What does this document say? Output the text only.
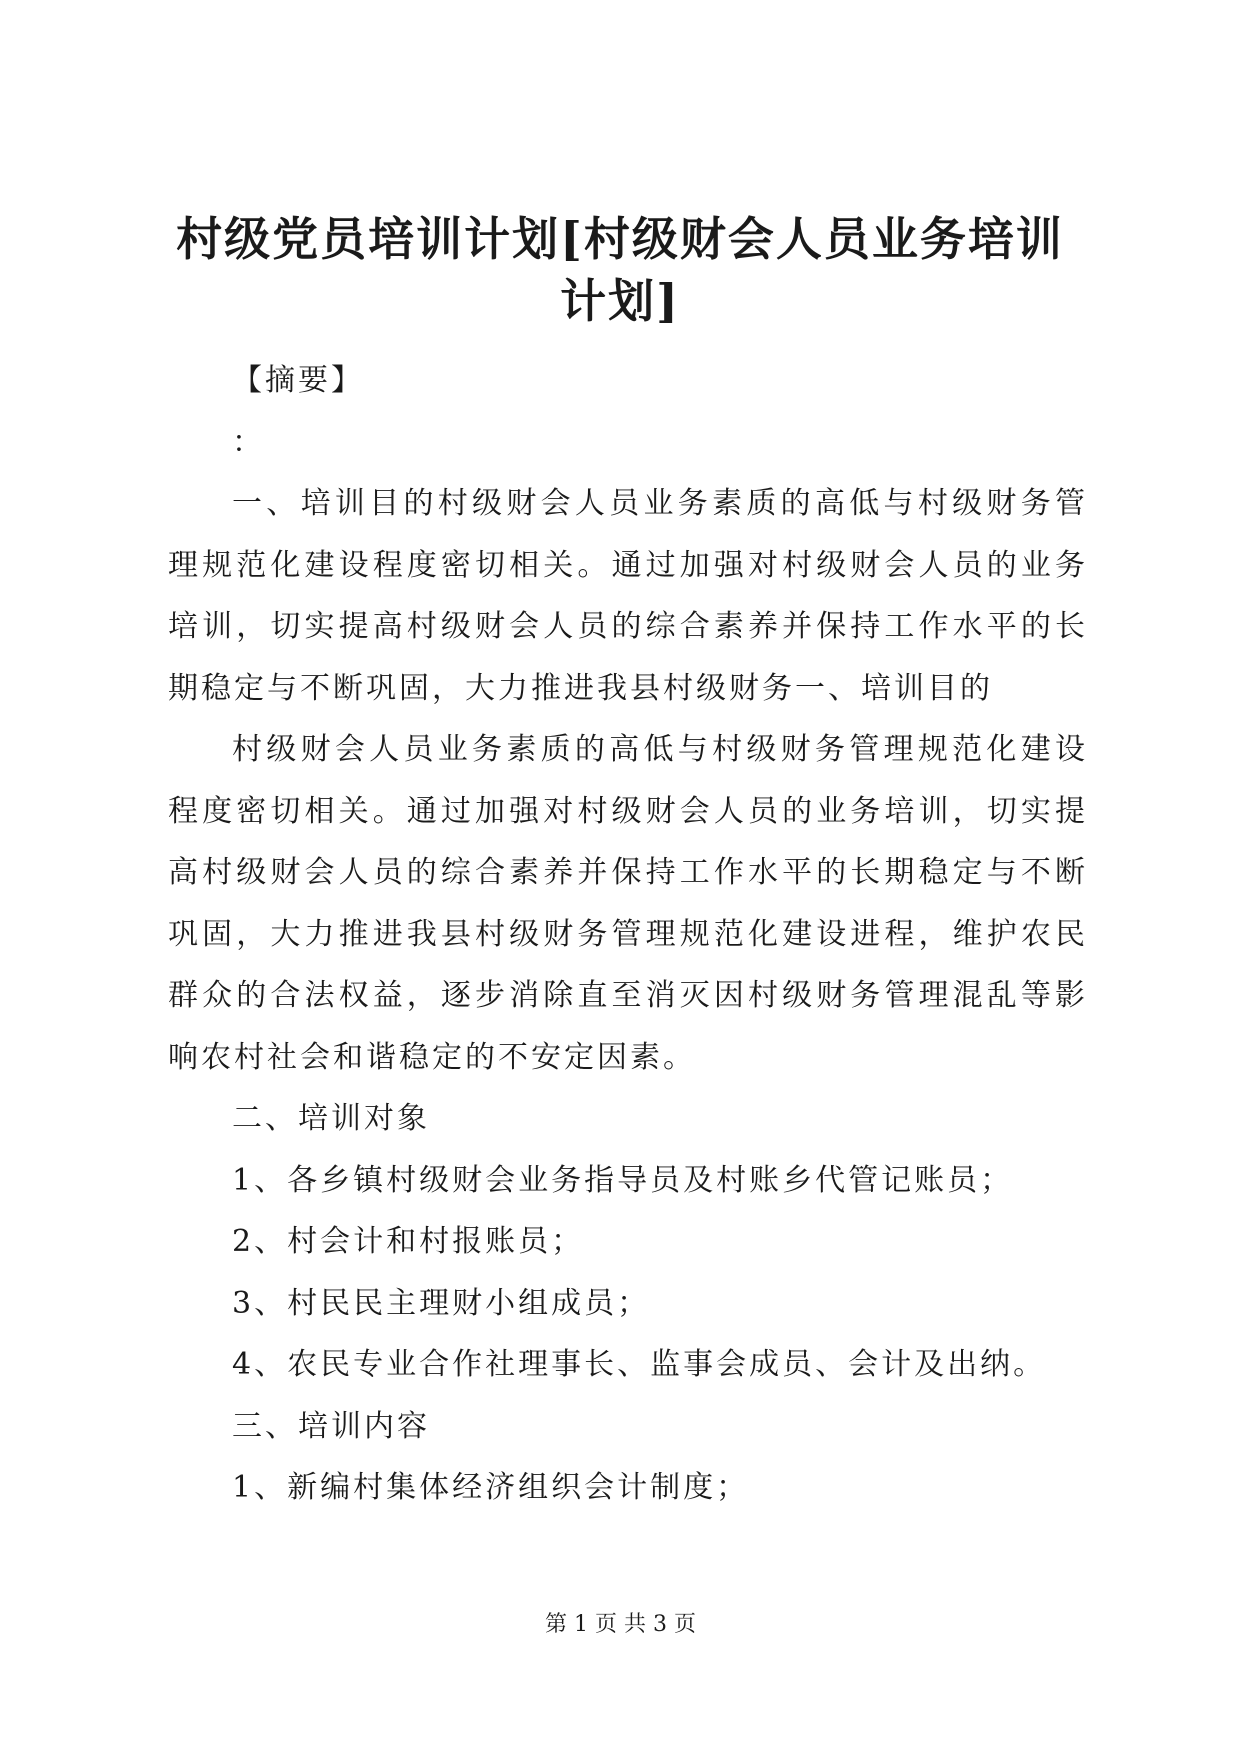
村级党员培训计划[村级财会人员业务培训计划]

【摘要】

：

一、培训目的村级财会人员业务素质的高低与村级财务管理规范化建设程度密切相关。通过加强对村级财会人员的业务培训，切实提高村级财会人员的综合素养并保持工作水平的长期稳定与不断巩固，大力推进我县村级财务一、培训目的

村级财会人员业务素质的高低与村级财务管理规范化建设程度密切相关。通过加强对村级财会人员的业务培训，切实提高村级财会人员的综合素养并保持工作水平的长期稳定与不断巩固，大力推进我县村级财务管理规范化建设进程，维护农民群众的合法权益，逐步消除直至消灭因村级财务管理混乱等影响农村社会和谐稳定的不安定因素。

二、培训对象

1、各乡镇村级财会业务指导员及村账乡代管记账员；

2、村会计和村报账员；

3、村民民主理财小组成员；

4、农民专业合作社理事长、监事会成员、会计及出纳。

三、培训内容

1、新编村集体经济组织会计制度；

第 1 页 共 3 页
